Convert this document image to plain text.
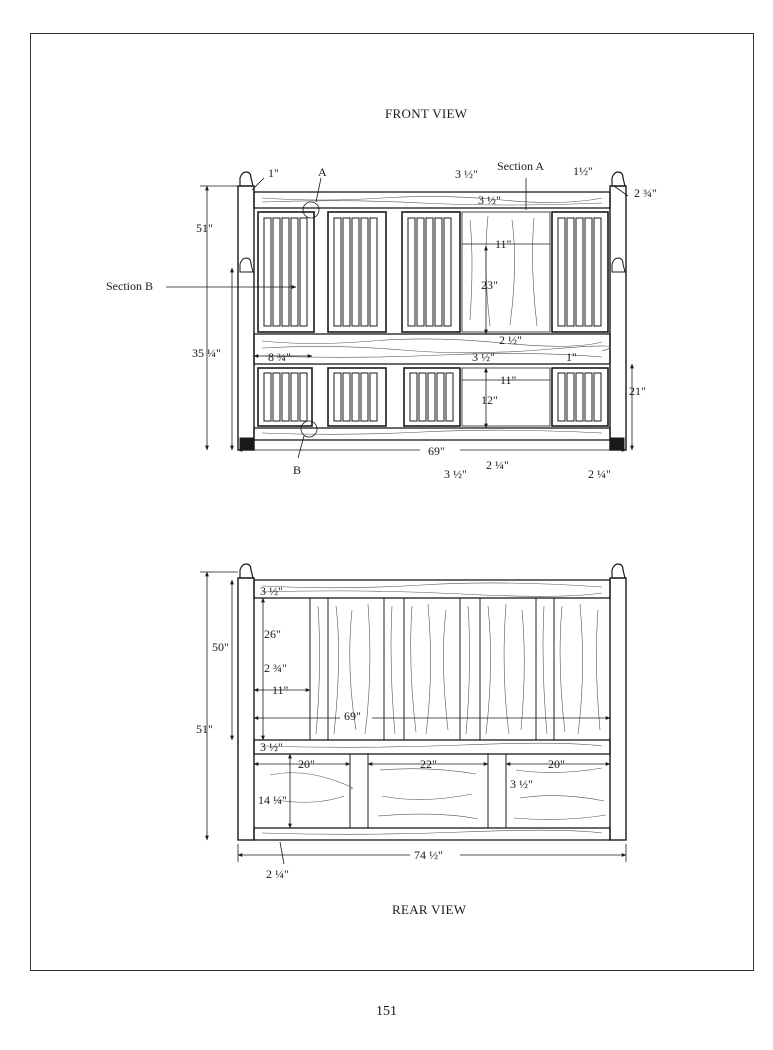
FRONT VIEW
REAR VIEW
151
A
B
Section A
Section B
1"	3 ½"	1½"
2 ¾"
51"
3 ½"
11"
23"
2 ½"
35 ¼"	8 ¾"	3 ½"	1"
11"
12"
21"
69"
3 ½"
2 ¼"
2 ¼"
3 ½"
26"
50"
2 ¾"
11"
51"
69"
3 ½"
20"	22"
3 ½"
20"
14 ¼"
74 ½"
2 ¼"
